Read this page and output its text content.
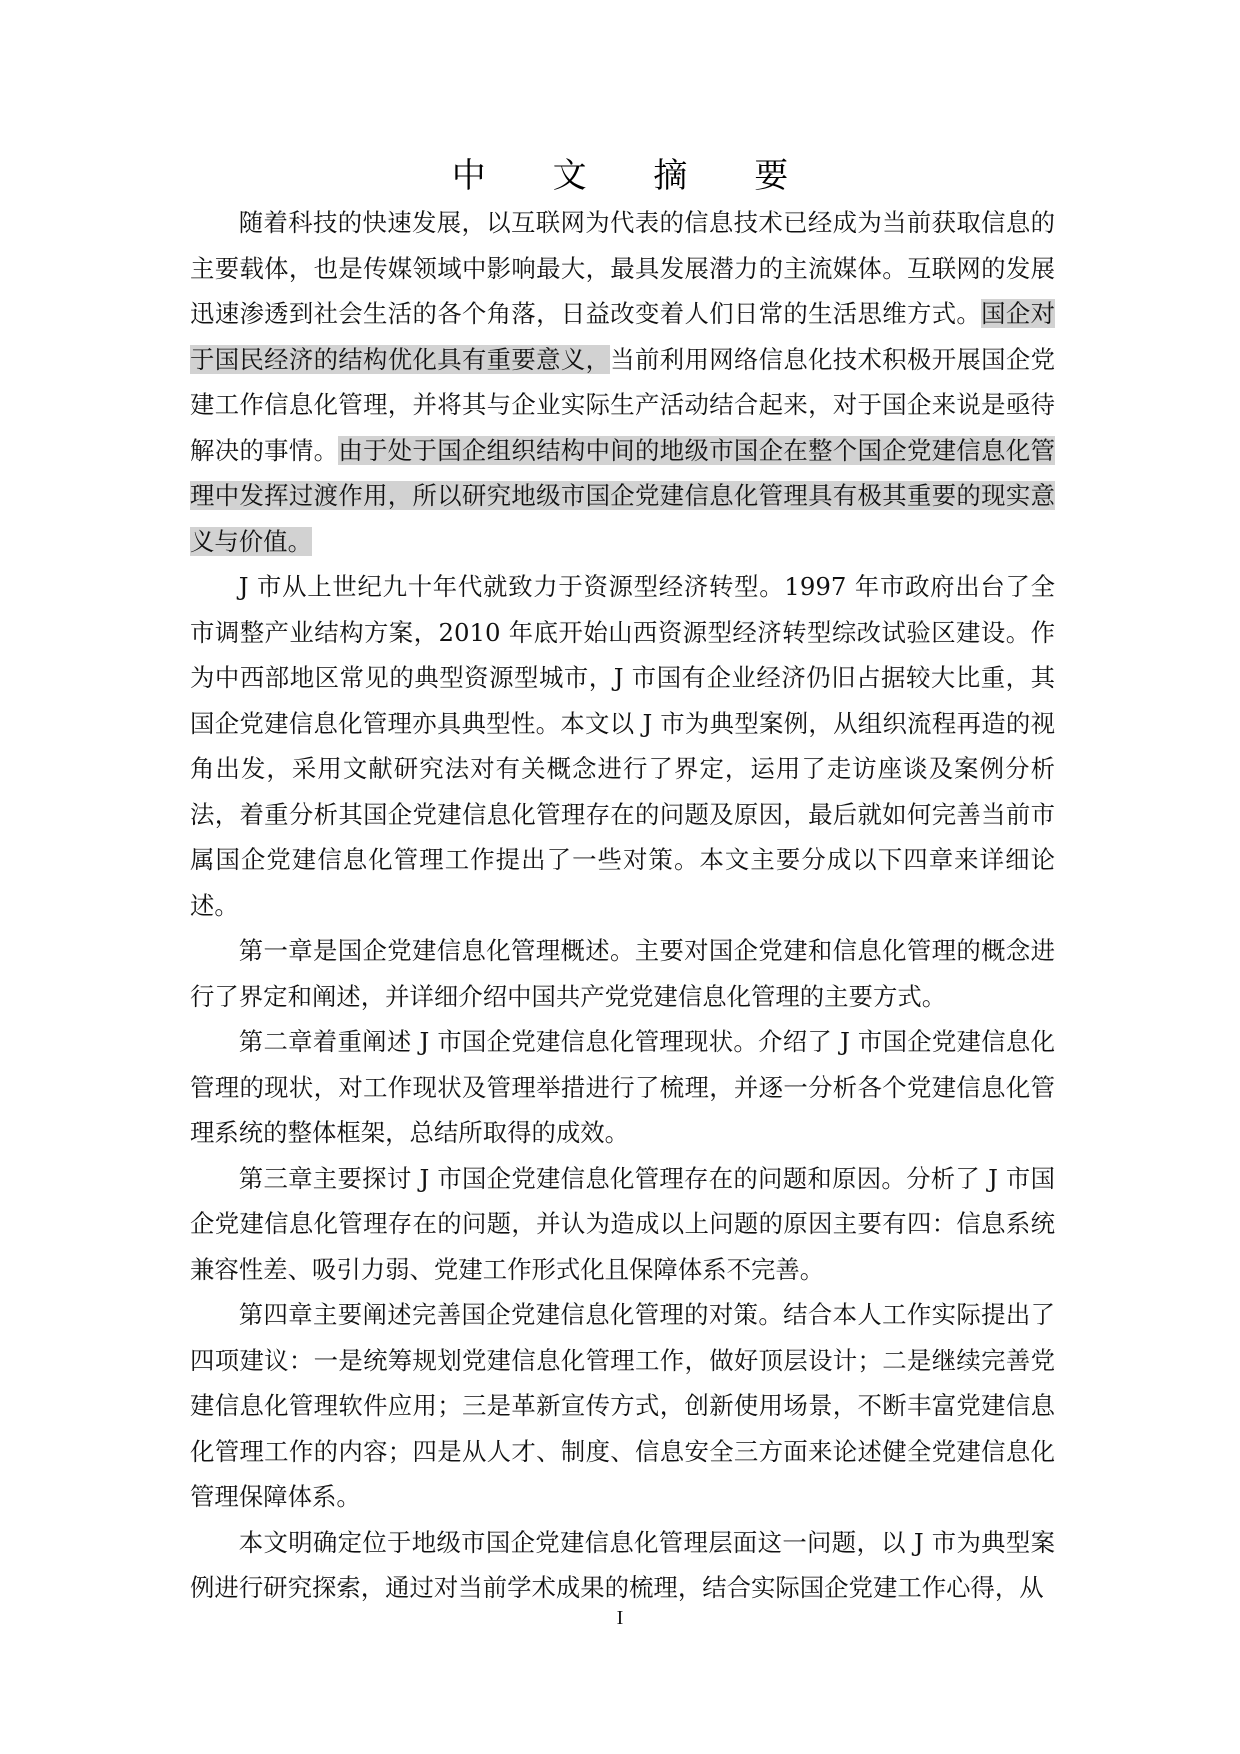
中 文 摘 要

随着科技的快速发展，以互联网为代表的信息技术已经成为当前获取信息的主要载体，也是传媒领域中影响最大，最具发展潜力的主流媒体。互联网的发展迅速渗透到社会生活的各个角落，日益改变着人们日常的生活思维方式。国企对于国民经济的结构优化具有重要意义，当前利用网络信息化技术积极开展国企党建工作信息化管理，并将其与企业实际生产活动结合起来，对于国企来说是亟待解决的事情。由于处于国企组织结构中间的地级市国企在整个国企党建信息化管理中发挥过渡作用，所以研究地级市国企党建信息化管理具有极其重要的现实意义与价值。

J 市从上世纪九十年代就致力于资源型经济转型。1997 年市政府出台了全市调整产业结构方案，2010 年底开始山西资源型经济转型综改试验区建设。作为中西部地区常见的典型资源型城市，J 市国有企业经济仍旧占据较大比重，其国企党建信息化管理亦具典型性。本文以 J 市为典型案例，从组织流程再造的视角出发，采用文献研究法对有关概念进行了界定，运用了走访座谈及案例分析法，着重分析其国企党建信息化管理存在的问题及原因，最后就如何完善当前市属国企党建信息化管理工作提出了一些对策。本文主要分成以下四章来详细论述。

第一章是国企党建信息化管理概述。主要对国企党建和信息化管理的概念进行了界定和阐述，并详细介绍中国共产党党建信息化管理的主要方式。

第二章着重阐述 J 市国企党建信息化管理现状。介绍了 J 市国企党建信息化管理的现状，对工作现状及管理举措进行了梳理，并逐一分析各个党建信息化管理系统的整体框架，总结所取得的成效。

第三章主要探讨 J 市国企党建信息化管理存在的问题和原因。分析了 J 市国企党建信息化管理存在的问题，并认为造成以上问题的原因主要有四：信息系统兼容性差、吸引力弱、党建工作形式化且保障体系不完善。

第四章主要阐述完善国企党建信息化管理的对策。结合本人工作实际提出了四项建议：一是统筹规划党建信息化管理工作，做好顶层设计；二是继续完善党建信息化管理软件应用；三是革新宣传方式，创新使用场景，不断丰富党建信息化管理工作的内容；四是从人才、制度、信息安全三方面来论述健全党建信息化管理保障体系。

本文明确定位于地级市国企党建信息化管理层面这一问题，以 J 市为典型案例进行研究探索，通过对当前学术成果的梳理，结合实际国企党建工作心得，从

I
